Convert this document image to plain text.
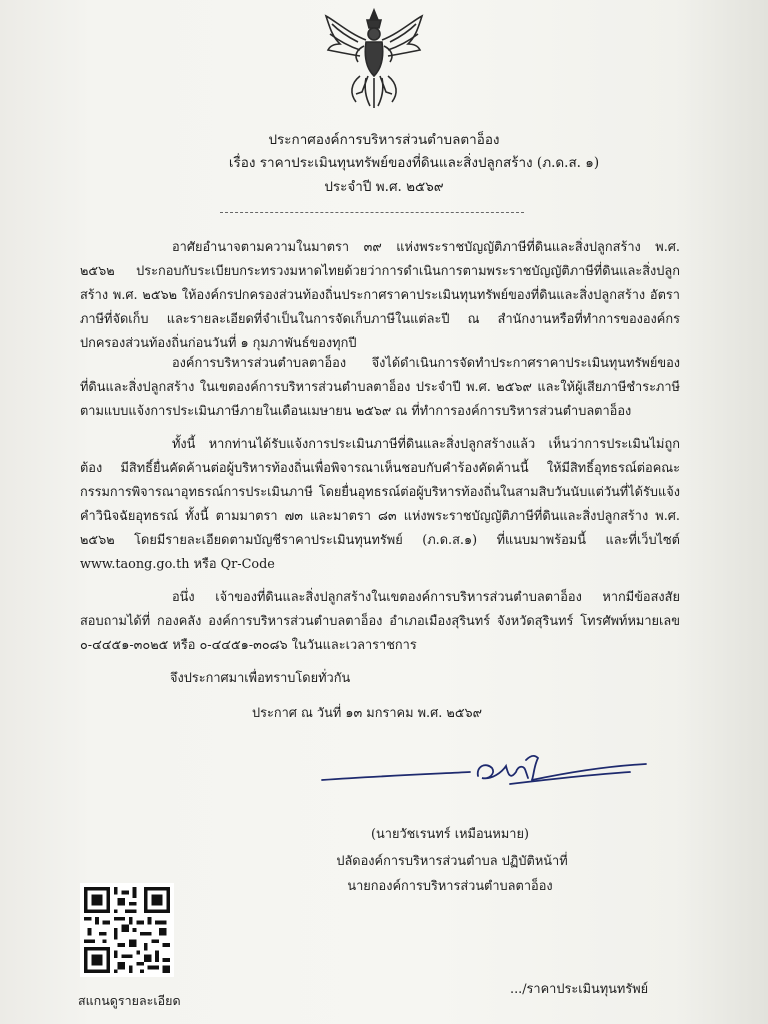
ประกาศองค์การบริหารส่วนตำบลตาอ็อง
เรื่อง ราคาประเมินทุนทรัพย์ของที่ดินและสิ่งปลูกสร้าง (ภ.ด.ส. ๑)
ประจำปี พ.ศ. ๒๕๖๙

อาศัยอำนาจตามความในมาตรา ๓๙ แห่งพระราชบัญญัติภาษีที่ดินและสิ่งปลูกสร้าง พ.ศ. ๒๕๖๒ ประกอบกับระเบียบกระทรวงมหาดไทยด้วยว่าการดำเนินการตามพระราชบัญญัติภาษีที่ดินและสิ่งปลูกสร้าง พ.ศ. ๒๕๖๒ ให้องค์กรปกครองส่วนท้องถิ่นประกาศราคาประเมินทุนทรัพย์ของที่ดินและสิ่งปลูกสร้าง อัตราภาษีที่จัดเก็บ และรายละเอียดที่จำเป็นในการจัดเก็บภาษีในแต่ละปี ณ สำนักงานหรือที่ทำการขององค์กรปกครองส่วนท้องถิ่นก่อนวันที่ ๑ กุมภาพันธ์ของทุกปี

องค์การบริหารส่วนตำบลตาอ็อง จึงได้ดำเนินการจัดทำประกาศราคาประเมินทุนทรัพย์ของที่ดินและสิ่งปลูกสร้าง ในเขตองค์การบริหารส่วนตำบลตาอ็อง ประจำปี พ.ศ. ๒๕๖๙ และให้ผู้เสียภาษีชำระภาษีตามแบบแจ้งการประเมินภาษีภายในเดือนเมษายน ๒๕๖๙ ณ ที่ทำการองค์การบริหารส่วนตำบลตาอ็อง

ทั้งนี้ หากท่านได้รับแจ้งการประเมินภาษีที่ดินและสิ่งปลูกสร้างแล้ว เห็นว่าการประเมินไม่ถูกต้อง มีสิทธิ์ยื่นคัดค้านต่อผู้บริหารท้องถิ่นเพื่อพิจารณาเห็นชอบกับคำร้องคัดค้านนี้ ให้มีสิทธิ์อุทธรณ์ต่อคณะกรรมการพิจารณาอุทธรณ์การประเมินภาษี โดยยื่นอุทธรณ์ต่อผู้บริหารท้องถิ่นในสามสิบวันนับแต่วันที่ได้รับแจ้งคำวินิจฉัยอุทธรณ์ ทั้งนี้ ตามมาตรา ๗๓ และมาตรา ๘๓ แห่งพระราชบัญญัติภาษีที่ดินและสิ่งปลูกสร้าง พ.ศ. ๒๕๖๒ โดยมีรายละเอียดตามบัญชีราคาประเมินทุนทรัพย์ (ภ.ด.ส.๑) ที่แนบมาพร้อมนี้ และที่เว็บไซต์ www.taong.go.th หรือ Qr-Code

อนึ่ง เจ้าของที่ดินและสิ่งปลูกสร้างในเขตองค์การบริหารส่วนตำบลตาอ็อง หากมีข้อสงสัยสอบถามได้ที่ กองคลัง องค์การบริหารส่วนตำบลตาอ็อง อำเภอเมืองสุรินทร์ จังหวัดสุรินทร์ โทรศัพท์หมายเลข ๐-๔๔๕๑-๓๐๒๕ หรือ ๐-๔๔๕๑-๓๐๘๖ ในวันและเวลาราชการ

จึงประกาศมาเพื่อทราบโดยทั่วกัน
ประกาศ ณ วันที่ ๑๓ มกราคม พ.ศ. ๒๕๖๙
(นายวัชเรนทร์ เหมือนหมาย)
ปลัดองค์การบริหารส่วนตำบล ปฏิบัติหน้าที่
นายกองค์การบริหารส่วนตำบลตาอ็อง
สแกนดูรายละเอียด
.../ราคาประเมินทุนทรัพย์
